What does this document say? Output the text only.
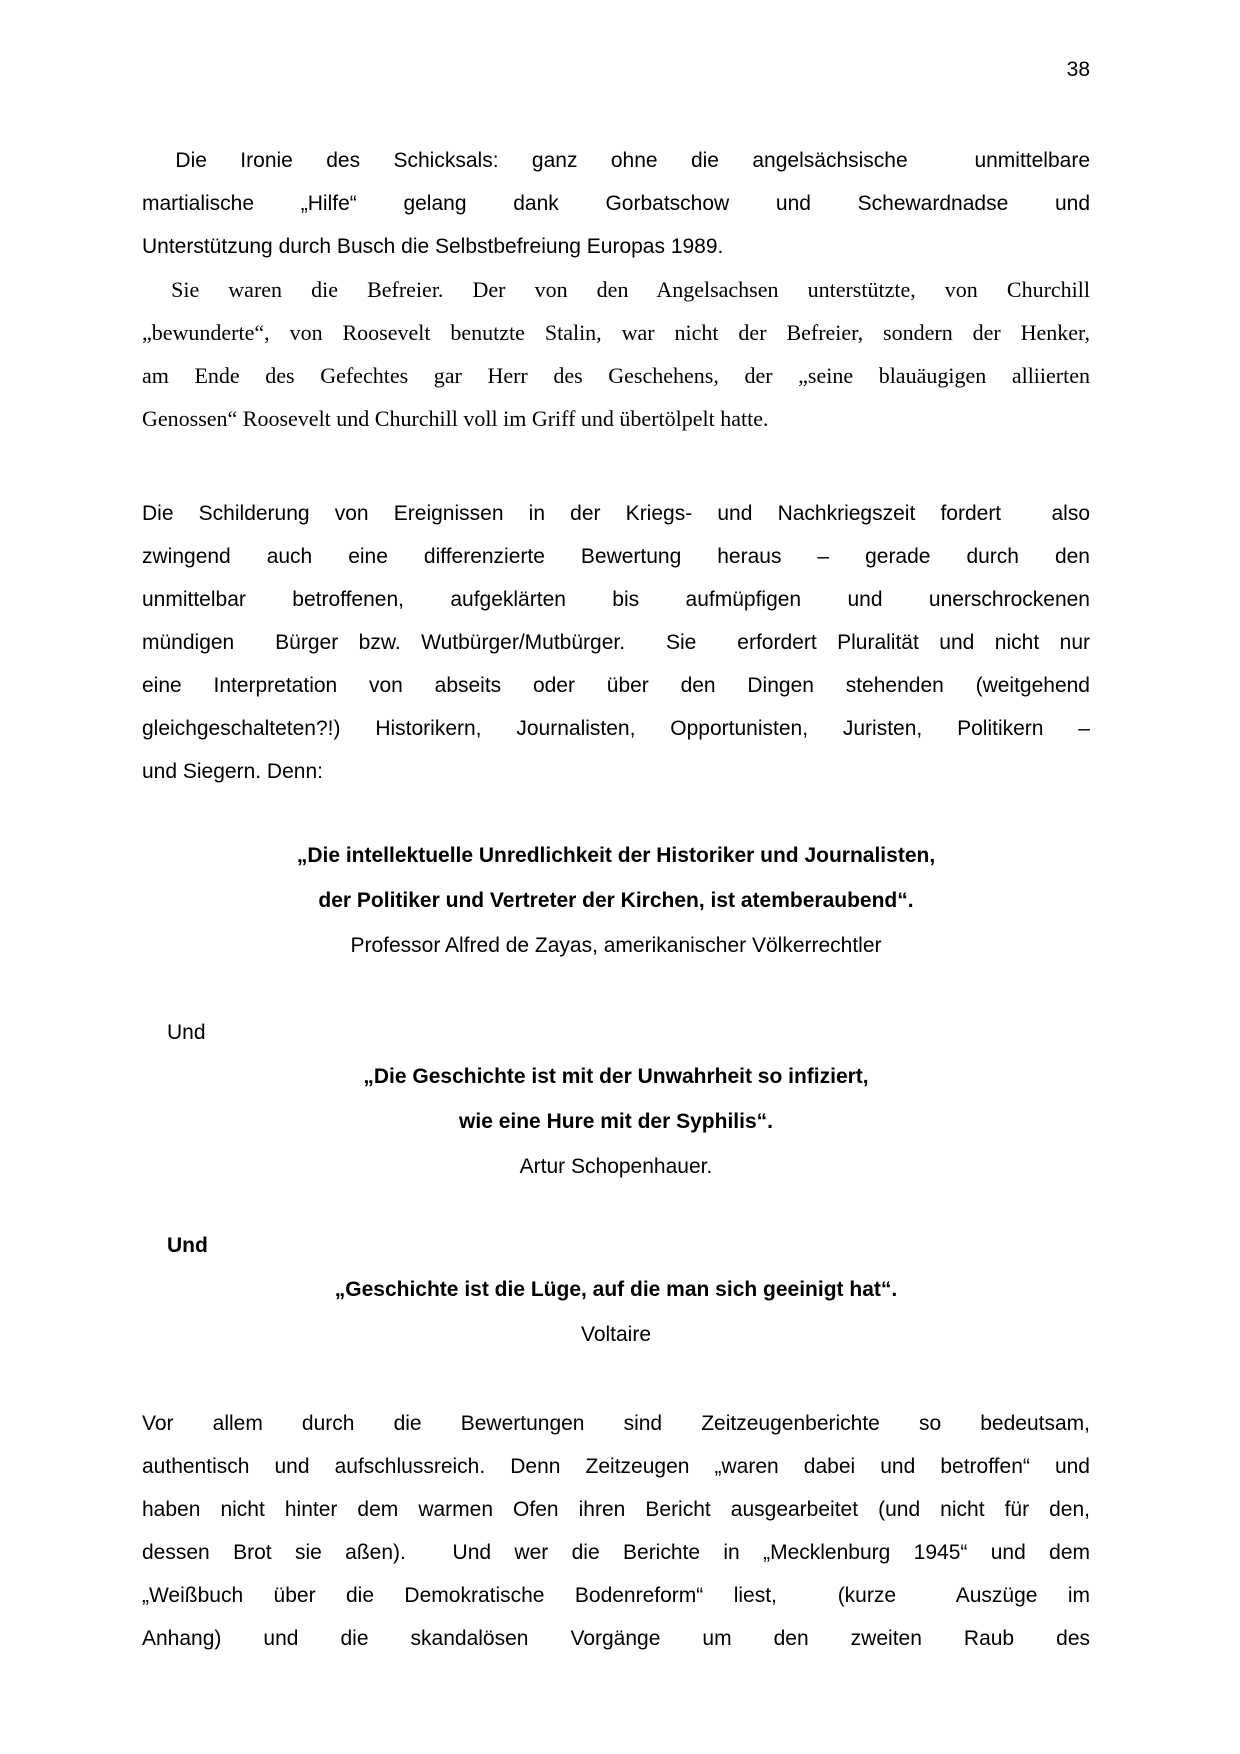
38
Die Ironie des Schicksals: ganz ohne die angelsächsische  unmittelbare
martialische „Hilfe“ gelang dank Gorbatschow und Schewardnadse und
Unterstützung durch Busch die Selbstbefreiung Europas 1989.
Sie waren die Befreier. Der von den Angelsachsen unterstützte, von Churchill
„bewunderte“, von Roosevelt benutzte Stalin, war nicht der Befreier, sondern der Henker,
am Ende des Gefechtes gar Herr des Geschehens, der „seine blauäugigen alliierten
Genossen“ Roosevelt und Churchill voll im Griff und übertölpelt hatte.
Die Schilderung von Ereignissen in der Kriegs- und Nachkriegszeit fordert  also
zwingend auch eine differenzierte Bewertung heraus – gerade durch den
unmittelbar betroffenen, aufgeklärten bis aufmüpfigen und unerschrockenen
mündigen  Bürger bzw. Wutbürger/Mutbürger.  Sie  erfordert Pluralität und nicht nur
eine Interpretation von abseits oder über den Dingen stehenden (weitgehend
gleichgeschalteten?!) Historikern, Journalisten, Opportunisten, Juristen, Politikern –
und Siegern. Denn:
„Die intellektuelle Unredlichkeit der Historiker und Journalisten,
der Politiker und Vertreter der Kirchen, ist atemberaubend“.
Professor Alfred de Zayas, amerikanischer Völkerrechtler
Und
„Die Geschichte ist mit der Unwahrheit so infiziert,
wie eine Hure mit der Syphilis“.
Artur Schopenhauer.
Und
„Geschichte ist die Lüge, auf die man sich geeinigt hat“.
Voltaire
Vor allem durch die Bewertungen sind Zeitzeugenberichte so bedeutsam,
authentisch und aufschlussreich. Denn Zeitzeugen „waren dabei und betroffen“ und
haben nicht hinter dem warmen Ofen ihren Bericht ausgearbeitet (und nicht für den,
dessen Brot sie aßen).  Und wer die Berichte in „Mecklenburg 1945“ und dem
„Weißbuch über die Demokratische Bodenreform“ liest,  (kurze  Auszüge im
Anhang) und die skandalösen Vorgänge um den zweiten Raub des
